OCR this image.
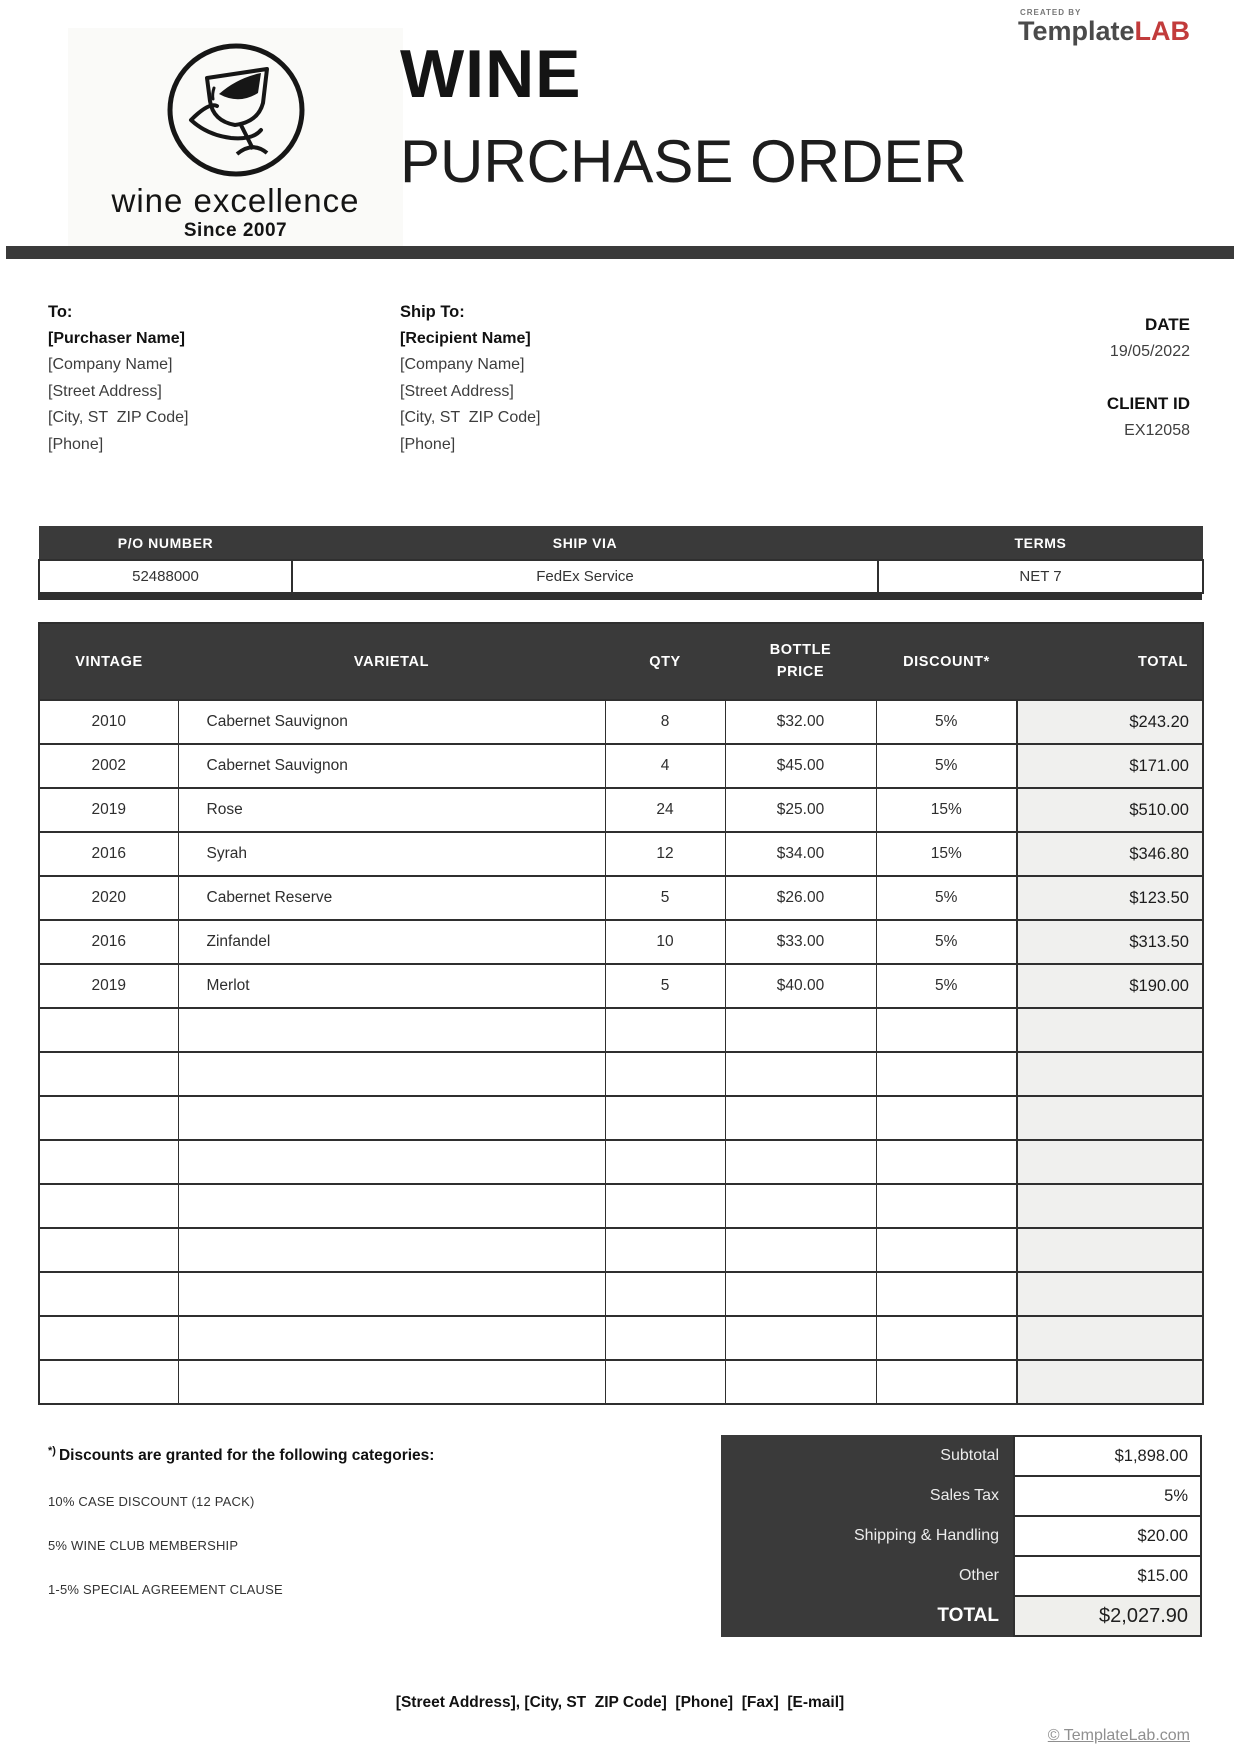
CREATED BY
TemplateLAB
wine excellence
Since 2007
WINE
PURCHASE ORDER
To:
[Purchaser Name]
[Company Name]
[Street Address]
[City, ST  ZIP Code]
[Phone]
Ship To:
[Recipient Name]
[Company Name]
[Street Address]
[City, ST  ZIP Code]
[Phone]
DATE
19/05/2022
CLIENT ID
EX12058
P/O NUMBER	SHIP VIA	TERMS
52488000	FedEx Service	NET 7
VINTAGE	VARIETAL	QTY	BOTTLE PRICE	DISCOUNT*	TOTAL
2010	Cabernet Sauvignon	8	$32.00	5%	$243.20
2002	Cabernet Sauvignon	4	$45.00	5%	$171.00
2019	Rose	24	$25.00	15%	$510.00
2016	Syrah	12	$34.00	15%	$346.80
2020	Cabernet Reserve	5	$26.00	5%	$123.50
2016	Zinfandel	10	$33.00	5%	$313.50
2019	Merlot	5	$40.00	5%	$190.00

*) Discounts are granted for the following categories:
10% CASE DISCOUNT (12 PACK)
5% WINE CLUB MEMBERSHIP
1-5% SPECIAL AGREEMENT CLAUSE
Subtotal	$1,898.00
Sales Tax	5%
Shipping & Handling	$20.00
Other	$15.00
TOTAL	$2,027.90
[Street Address], [City, ST  ZIP Code]  [Phone]  [Fax]  [E-mail]
© TemplateLab.com
